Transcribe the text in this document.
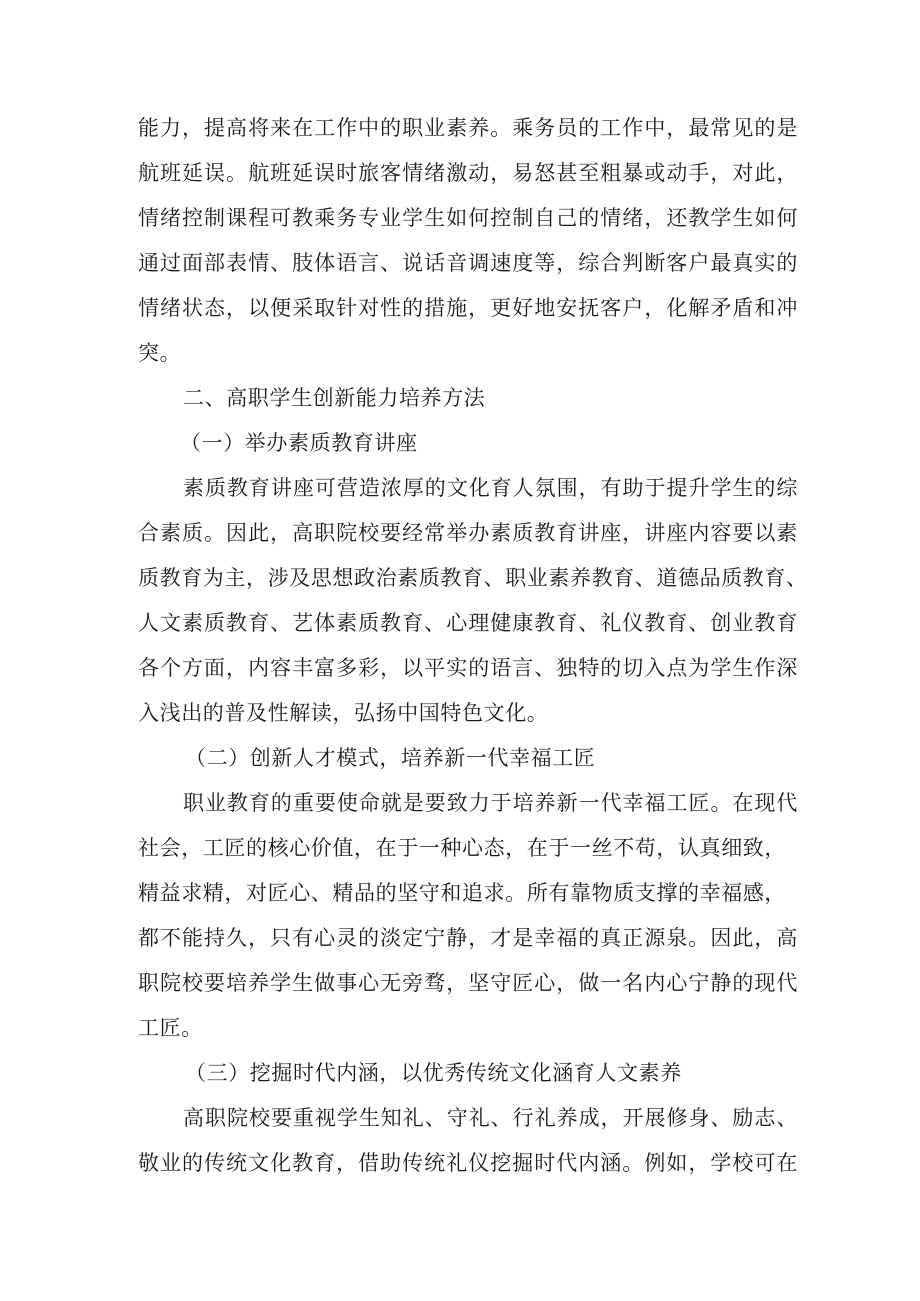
能力，提高将来在工作中的职业素养。乘务员的工作中，最常见的是
航班延误。航班延误时旅客情绪激动，易怒甚至粗暴或动手，对此，
情绪控制课程可教乘务专业学生如何控制自己的情绪，还教学生如何
通过面部表情、肢体语言、说话音调速度等，综合判断客户最真实的
情绪状态，以便采取针对性的措施，更好地安抚客户，化解矛盾和冲
突。
二、高职学生创新能力培养方法
（一）举办素质教育讲座
素质教育讲座可营造浓厚的文化育人氛围，有助于提升学生的综
合素质。因此，高职院校要经常举办素质教育讲座，讲座内容要以素
质教育为主，涉及思想政治素质教育、职业素养教育、道德品质教育、
人文素质教育、艺体素质教育、心理健康教育、礼仪教育、创业教育
各个方面，内容丰富多彩，以平实的语言、独特的切入点为学生作深
入浅出的普及性解读，弘扬中国特色文化。
（二）创新人才模式，培养新一代幸福工匠
职业教育的重要使命就是要致力于培养新一代幸福工匠。在现代
社会，工匠的核心价值，在于一种心态，在于一丝不苟，认真细致，
精益求精，对匠心、精品的坚守和追求。所有靠物质支撑的幸福感，
都不能持久，只有心灵的淡定宁静，才是幸福的真正源泉。因此，高
职院校要培养学生做事心无旁骛，坚守匠心，做一名内心宁静的现代
工匠。
（三）挖掘时代内涵，以优秀传统文化涵育人文素养
高职院校要重视学生知礼、守礼、行礼养成，开展修身、励志、
敬业的传统文化教育，借助传统礼仪挖掘时代内涵。例如，学校可在
